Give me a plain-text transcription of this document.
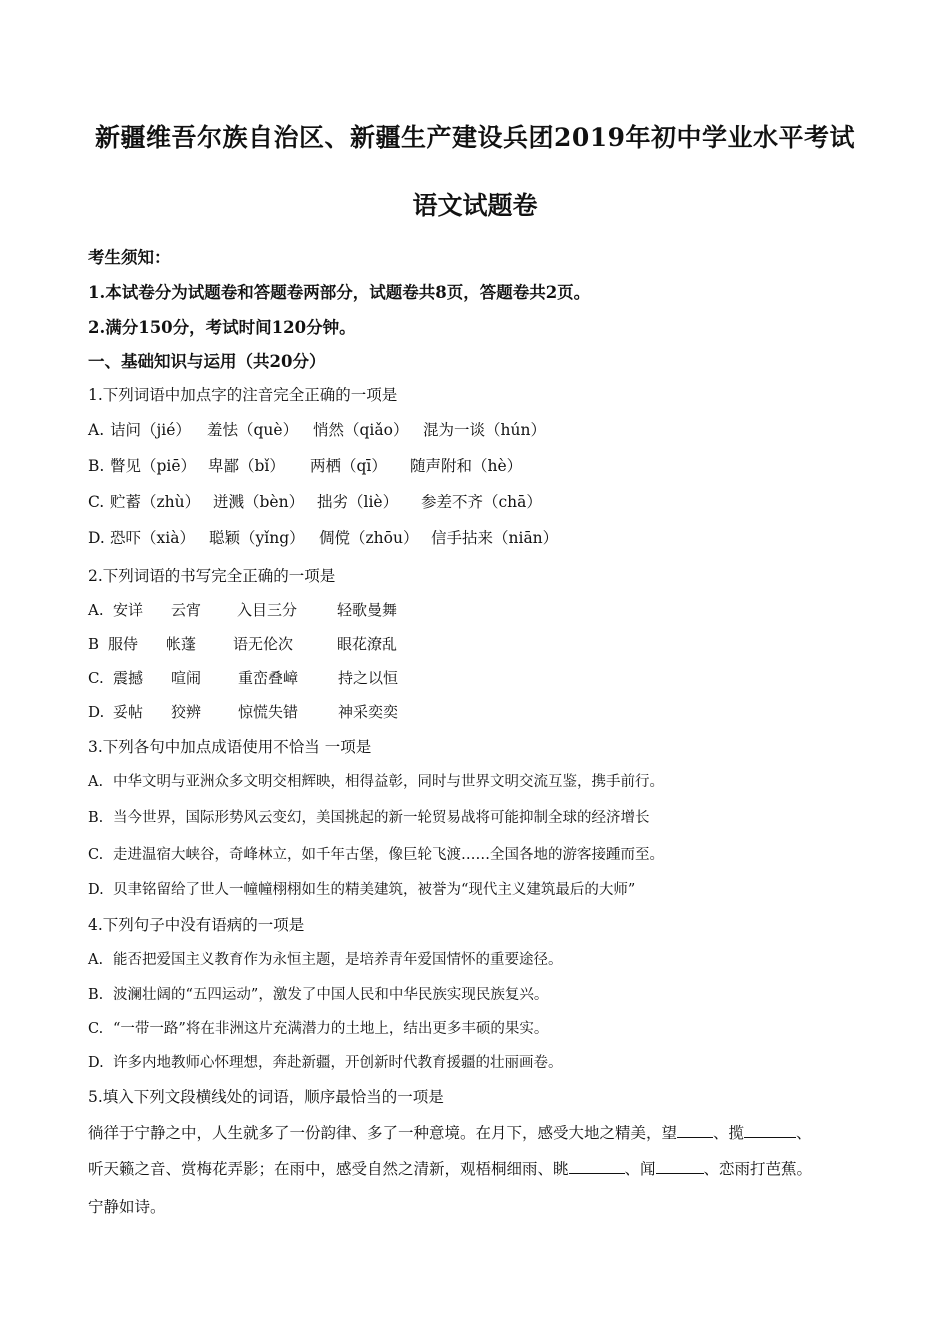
新疆维吾尔族自治区、新疆生产建设兵团2019年初中学业水平考试
语文试题卷
考生须知：
1.本试卷分为试题卷和答题卷两部分，试题卷共8页，答题卷共2页。
2.满分150分，考试时间120分钟。
一、基础知识与运用（共20分）
1.下列词语中加点字的注音完全正确的一项是
A. 诘问（jié） 羞怯（què） 悄然（qiǎo） 混为一谈（hún）
B. 瞥见（piē） 卑鄙（bǐ） 两栖（qī） 随声附和（hè）
C. 贮蓄（zhù） 迸溅（bèn） 拙劣（liè） 参差不齐（chā）
D. 恐吓（xià） 聪颖（yǐng） 倜傥（zhōu） 信手拈来（niān）
2.下列词语的书写完全正确的一项是
A. 安详 云宵 入目三分	轻歌曼舞
B 服侍 帐蓬 语无伦次	眼花潦乱
C. 震撼 喧闹 重峦叠嶂	持之以恒
D. 妥帖 狡辨 惊慌失错	神采奕奕
3.下列各句中加点成语使用不恰当 一项是
A. 中华文明与亚洲众多文明交相辉映，相得益彰，同时与世界文明交流互鉴，携手前行。
B. 当今世界，国际形势风云变幻，美国挑起的新一轮贸易战将可能抑制全球的经济增长
C. 走进温宿大峡谷，奇峰林立，如千年古堡，像巨轮飞渡……全国各地的游客接踵而至。
D. 贝聿铭留给了世人一幢幢栩栩如生的精美建筑，被誉为“现代主义建筑最后的大师”
4.下列句子中没有语病的一项是
A. 能否把爱国主义教育作为永恒主题，是培养青年爱国情怀的重要途径。
B. 波澜壮阔的“五四运动”，激发了中国人民和中华民族实现民族复兴。
C. “一带一路”将在非洲这片充满潜力的土地上，结出更多丰硕的果实。
D. 许多内地教师心怀理想，奔赴新疆，开创新时代教育援疆的壮丽画卷。
5.填入下列文段横线处的词语，顺序最恰当的一项是
徜徉于宁静之中，人生就多了一份韵律、多了一种意境。在月下，感受大地之精美，望 、揽	、
听天籁之音、赏梅花弄影；在雨中，感受自然之清新，观梧桐细雨、眺	、闻	、恋雨打芭蕉。
宁静如诗。
